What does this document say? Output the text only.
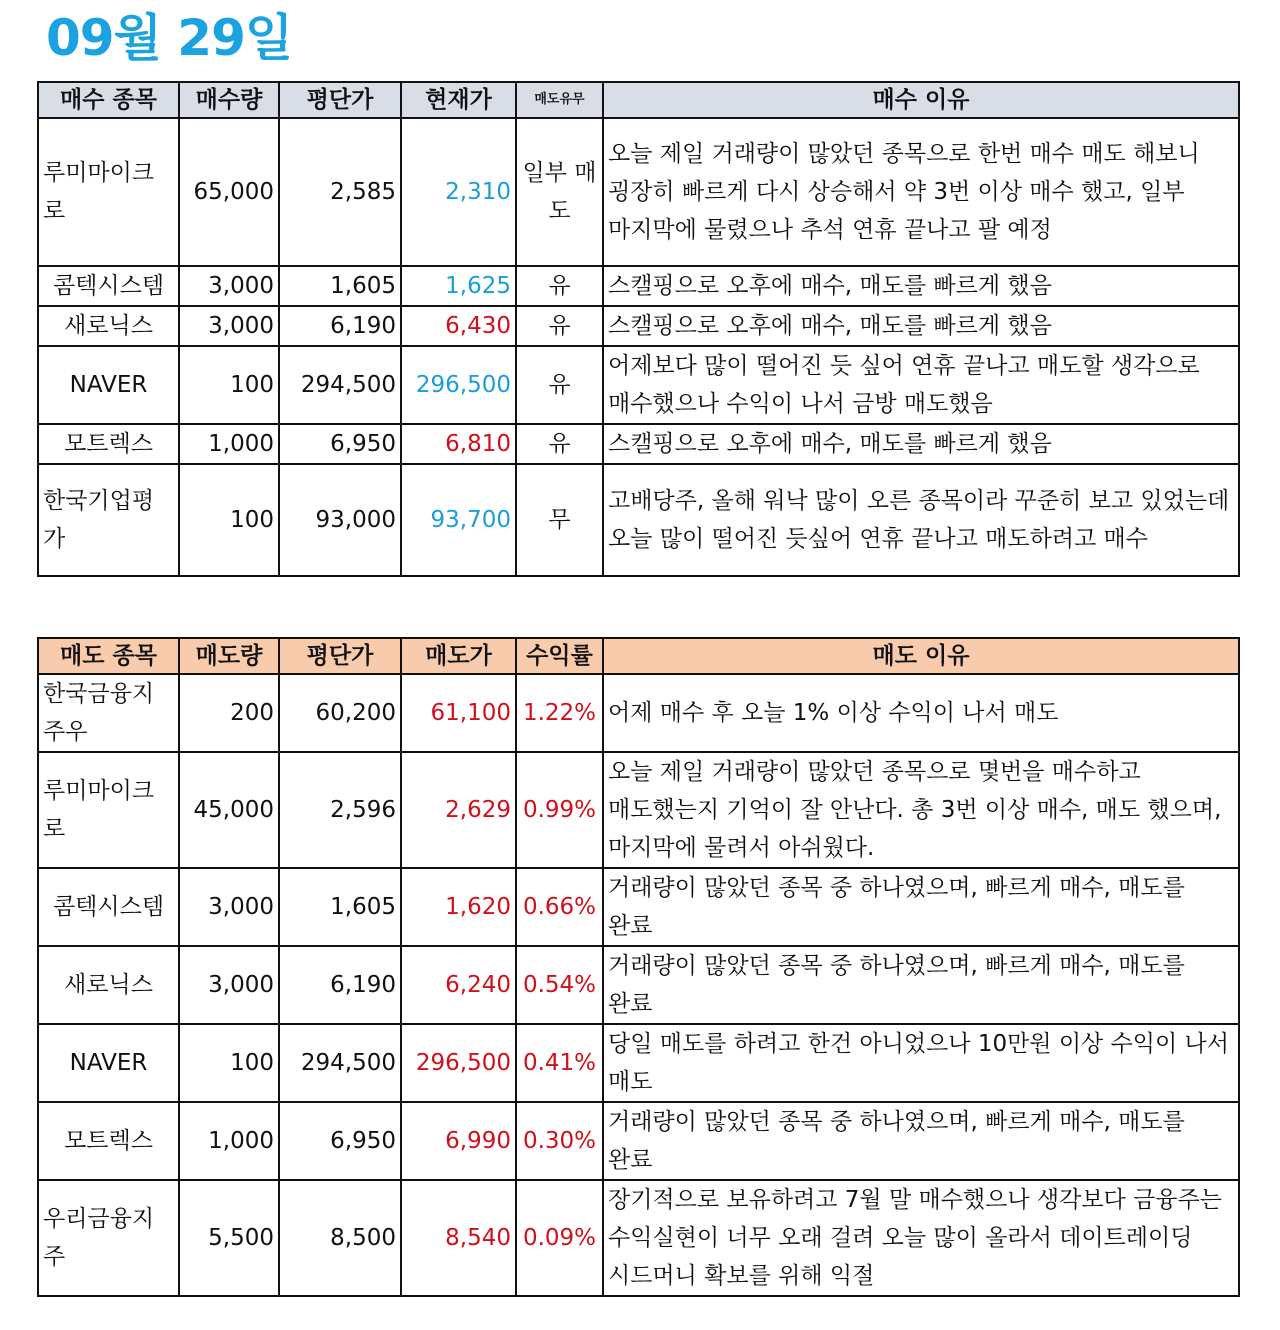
09월 29일
매수 종목	매수량	평단가	현재가	매도유무	매수 이유
루미마이크로	65,000	2,585	2,310	일부 매도	오늘 제일 거래량이 많았던 종목으로 한번 매수 매도 해보니 굉장히 빠르게 다시 상승해서 약 3번 이상 매수 했고, 일부 마지막에 물렸으나 추석 연휴 끝나고 팔 예정
콤텍시스템	3,000	1,605	1,625	유	스캘핑으로 오후에 매수, 매도를 빠르게 했음
새로닉스	3,000	6,190	6,430	유	스캘핑으로 오후에 매수, 매도를 빠르게 했음
NAVER	100	294,500	296,500	유	어제보다 많이 떨어진 듯 싶어 연휴 끝나고 매도할 생각으로 매수했으나 수익이 나서 금방 매도했음
모트렉스	1,000	6,950	6,810	유	스캘핑으로 오후에 매수, 매도를 빠르게 했음
한국기업평가	100	93,000	93,700	무	고배당주, 올해 워낙 많이 오른 종목이라 꾸준히 보고 있었는데 오늘 많이 떨어진 듯싶어 연휴 끝나고 매도하려고 매수
매도 종목	매도량	평단가	매도가	수익률	매도 이유
한국금융지주우	200	60,200	61,100	1.22%	어제 매수 후 오늘 1% 이상 수익이 나서 매도
루미마이크로	45,000	2,596	2,629	0.99%	오늘 제일 거래량이 많았던 종목으로 몇번을 매수하고 매도했는지 기억이 잘 안난다. 총 3번 이상 매수, 매도 했으며, 마지막에 물려서 아쉬웠다.
콤텍시스템	3,000	1,605	1,620	0.66%	거래량이 많았던 종목 중 하나였으며, 빠르게 매수, 매도를 완료
새로닉스	3,000	6,190	6,240	0.54%	거래량이 많았던 종목 중 하나였으며, 빠르게 매수, 매도를 완료
NAVER	100	294,500	296,500	0.41%	당일 매도를 하려고 한건 아니었으나 10만원 이상 수익이 나서 매도
모트렉스	1,000	6,950	6,990	0.30%	거래량이 많았던 종목 중 하나였으며, 빠르게 매수, 매도를 완료
우리금융지주	5,500	8,500	8,540	0.09%	장기적으로 보유하려고 7월 말 매수했으나 생각보다 금융주는 수익실현이 너무 오래 걸려 오늘 많이 올라서 데이트레이딩 시드머니 확보를 위해 익절
